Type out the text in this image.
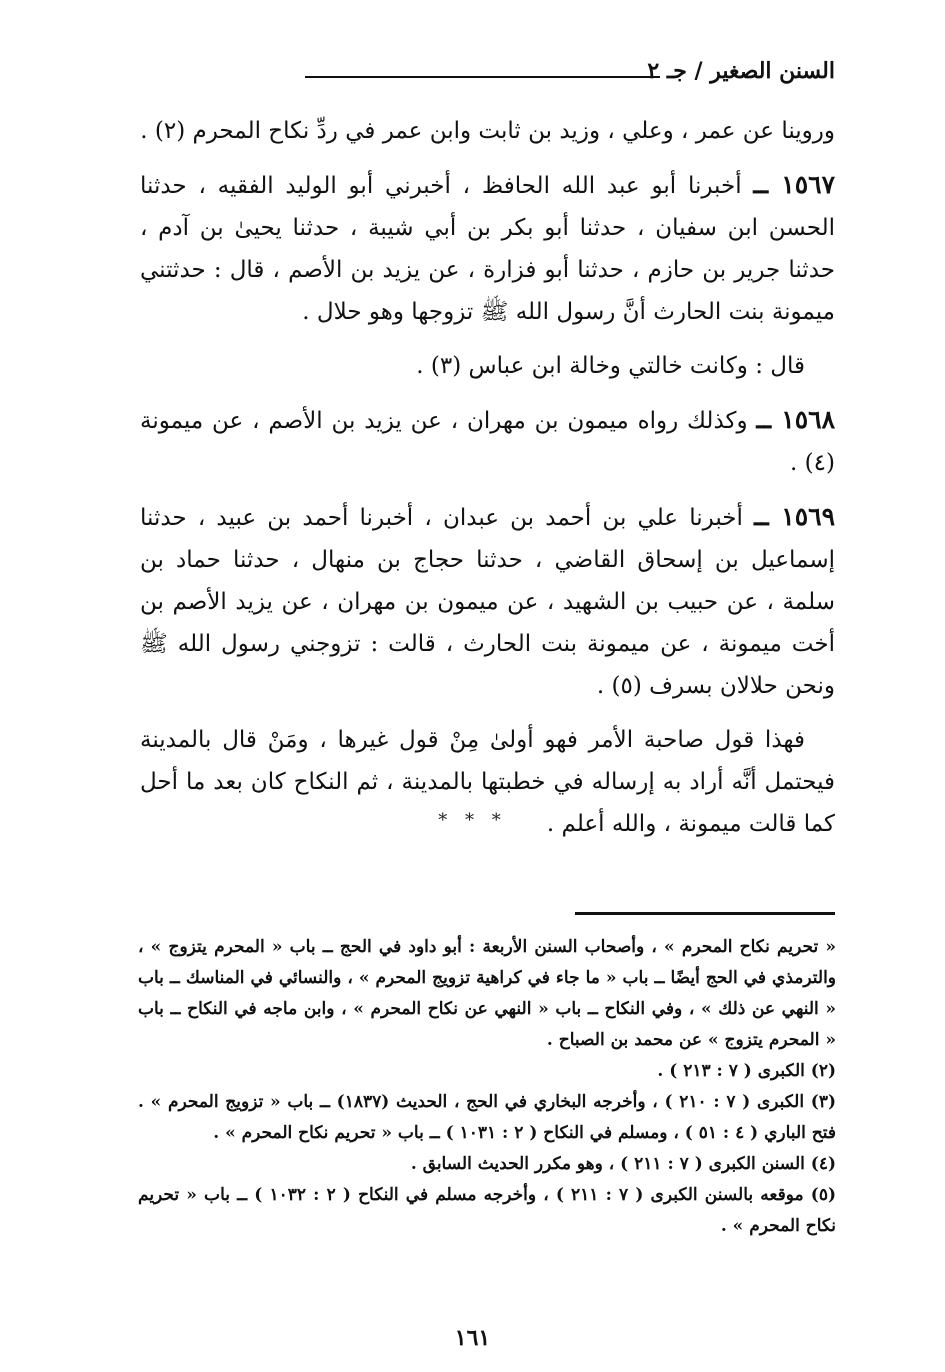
السنن الصغير / جـ ٢

وروينا عن عمر ، وعلي ، وزيد بن ثابت وابن عمر في ردِّ نكاح المحرم (٢) .

١٥٦٧ ــ أخبرنا أبو عبد الله الحافظ ، أخبرني أبو الوليد الفقيه ، حدثنا الحسن ابن سفيان ، حدثنا أبو بكر بن أبي شيبة ، حدثنا يحيىٰ بن آدم ، حدثنا جرير بن حازم ، حدثنا أبو فزارة ، عن يزيد بن الأصم ، قال : حدثتني ميمونة بنت الحارث أنَّ رسول الله ﷺ تزوجها وهو حلال .

قال : وكانت خالتي وخالة ابن عباس (٣) .

١٥٦٨ ــ وكذلك رواه ميمون بن مهران ، عن يزيد بن الأصم ، عن ميمونة (٤) .

١٥٦٩ ــ أخبرنا علي بن أحمد بن عبدان ، أخبرنا أحمد بن عبيد ، حدثنا إسماعيل بن إسحاق القاضي ، حدثنا حجاج بن منهال ، حدثنا حماد بن سلمة ، عن حبيب بن الشهيد ، عن ميمون بن مهران ، عن يزيد الأصم بن أخت ميمونة ، عن ميمونة بنت الحارث ، قالت : تزوجني رسول الله ﷺ ونحن حلالان بسرف (٥) .

فهذا قول صاحبة الأمر فهو أولىٰ مِنْ قول غيرها ، ومَنْ قال بالمدينة فيحتمل أنَّه أراد به إرساله في خطبتها بالمدينة ، ثم النكاح كان بعد ما أحل كما قالت ميمونة ، والله أعلم .

* * *

« تحريم نكاح المحرم » ، وأصحاب السنن الأربعة : أبو داود في الحج ــ باب « المحرم يتزوج » ، والترمذي في الحج أيضًا ــ باب « ما جاء في كراهية تزويج المحرم » ، والنسائي في المناسك ــ باب « النهي عن ذلك » ، وفي النكاح ــ باب « النهي عن نكاح المحرم » ، وابن ماجه في النكاح ــ باب « المحرم يتزوج » عن محمد بن الصباح .

(٢) الكبرى ( ٧ : ٢١٣ ) .

(٣) الكبرى ( ٧ : ٢١٠ ) ، وأخرجه البخاري في الحج ، الحديث (١٨٣٧) ــ باب « تزويج المحرم » . فتح الباري ( ٤ : ٥١ ) ، ومسلم في النكاح ( ٢ : ١٠٣١ ) ــ باب « تحريم نكاح المحرم » .

(٤) السنن الكبرى ( ٧ : ٢١١ ) ، وهو مكرر الحديث السابق .

(٥) موقعه بالسنن الكبرى ( ٧ : ٢١١ ) ، وأخرجه مسلم في النكاح ( ٢ : ١٠٣٢ ) ــ باب « تحريم نكاح المحرم » .

١٦١
